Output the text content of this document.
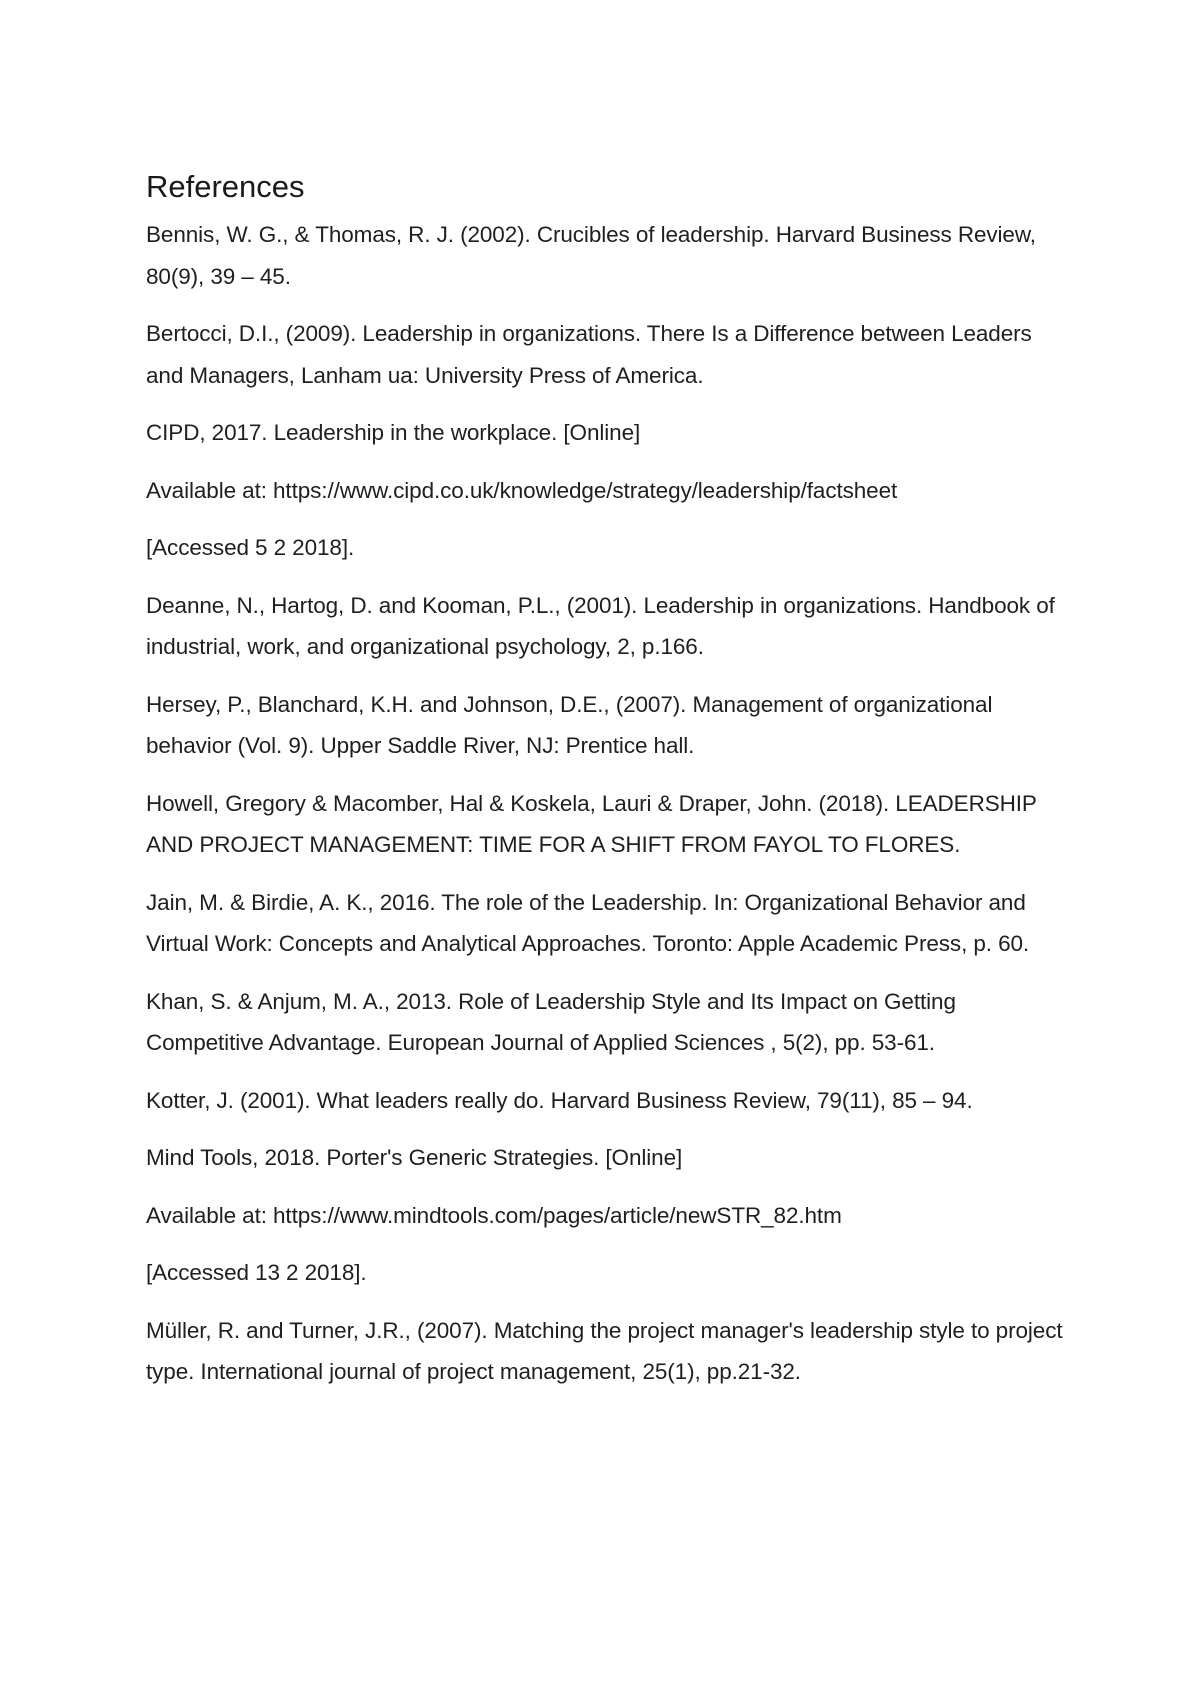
References
Bennis, W. G., & Thomas, R. J. (2002). Crucibles of leadership. Harvard Business Review, 80(9), 39 – 45.
Bertocci, D.I., (2009). Leadership in organizations. There Is a Difference between Leaders and Managers, Lanham ua: University Press of America.
CIPD, 2017. Leadership in the workplace. [Online]
Available at: https://www.cipd.co.uk/knowledge/strategy/leadership/factsheet
[Accessed 5 2 2018].
Deanne, N., Hartog, D. and Kooman, P.L., (2001). Leadership in organizations. Handbook of industrial, work, and organizational psychology, 2, p.166.
Hersey, P., Blanchard, K.H. and Johnson, D.E., (2007). Management of organizational behavior (Vol. 9). Upper Saddle River, NJ: Prentice hall.
Howell, Gregory & Macomber, Hal & Koskela, Lauri & Draper, John. (2018). LEADERSHIP AND PROJECT MANAGEMENT: TIME FOR A SHIFT FROM FAYOL TO FLORES.
Jain, M. & Birdie, A. K., 2016. The role of the Leadership. In: Organizational Behavior and Virtual Work: Concepts and Analytical Approaches. Toronto: Apple Academic Press, p. 60.
Khan, S. & Anjum, M. A., 2013. Role of Leadership Style and Its Impact on Getting Competitive Advantage. European Journal of Applied Sciences , 5(2), pp. 53-61.
Kotter, J. (2001). What leaders really do. Harvard Business Review, 79(11), 85 – 94.
Mind Tools, 2018. Porter's Generic Strategies. [Online]
Available at: https://www.mindtools.com/pages/article/newSTR_82.htm
[Accessed 13 2 2018].
Müller, R. and Turner, J.R., (2007). Matching the project manager's leadership style to project type. International journal of project management, 25(1), pp.21-32.
